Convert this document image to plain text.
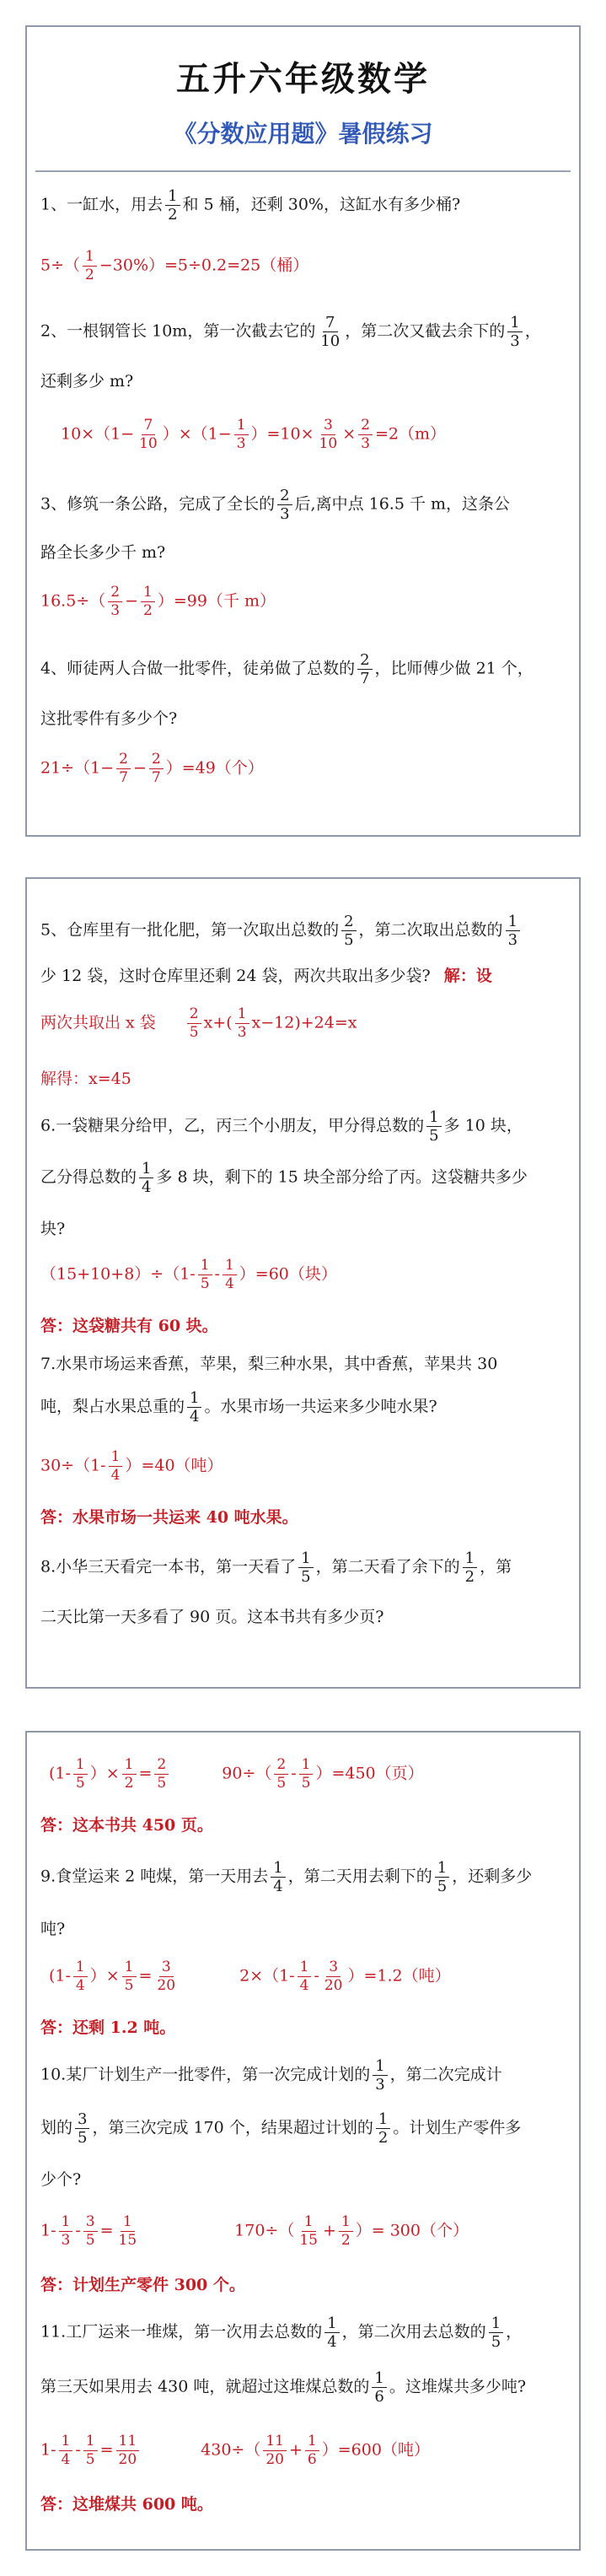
五升六年级数学
《分数应用题》暑假练习
1、一缸水，用去 $\frac{1}{2}$ 和 5 桶，还剩 30%，这缸水有多少桶?
$5\div( \frac{1}{2} -30\%)=5\div 0.2=25$（桶）
2、一根钢管长 10m，第一次截去它的 $\frac{7}{10}$ ，第二次又截去余下的 $\frac{1}{3}$ ，
还剩多少 m?
$10\times(1- \frac{7}{10} )\times(1- \frac{1}{3} )=10\times \frac{3}{10} \times \frac{2}{3} =2(m)$
3、修筑一条公路，完成了全长的 $\frac{2}{3}$ 后,离中点 16.5 千 m，这条公
路全长多少千 m?
$16.5\div( \frac{2}{3} - \frac{1}{2} )=99$（千 m）
4、师徒两人合做一批零件，徒弟做了总数的 $\frac{2}{7}$ ，比师傅少做 21 个，
这批零件有多少个?
$21\div(1- \frac{2}{7} - \frac{2}{7} )=49$（个）
5、仓库里有一批化肥，第一次取出总数的 $\frac{2}{5}$ ，第二次取出总数的 $\frac{1}{3}$
少 12 袋，这时仓库里还剩 24 袋，两次共取出多少袋? 解：设
两次共取出 x 袋 $\frac{2}{5} x+( \frac{1}{3} x-12)+24=x$
解得：x=45
6.一袋糖果分给甲，乙，丙三个小朋友，甲分得总数的 $\frac{1}{5}$ 多 10 块，
乙分得总数的 $\frac{1}{4}$ 多 8 块，剩下的 15 块全部分给了丙。这袋糖共多少
块?
$(15+10+8)\div(1- \frac{1}{5} - \frac{1}{4} )=60$（块）
答：这袋糖共有 60 块。
7.水果市场运来香蕉，苹果，梨三种水果，其中香蕉，苹果共 30
吨，梨占水果总重的 $\frac{1}{4}$ 。水果市场一共运来多少吨水果?
$30\div(1- \frac{1}{4} )=40$（吨）
答：水果市场一共运来 40 吨水果。
8.小华三天看完一本书，第一天看了 $\frac{1}{5}$ ，第二天看了余下的 $\frac{1}{2}$ ，第
二天比第一天多看了 90 页。这本书共有多少页?
($1- \frac{1}{5}$ ）× $\frac{1}{2} = \frac{2}{5}$	$90\div( \frac{2}{5} - \frac{1}{5} )=450$（页）
答：这本书共 450 页。
9.食堂运来 2 吨煤，第一天用去 $\frac{1}{4}$ ，第二天用去剩下的 $\frac{1}{5}$ ，还剩多少
吨?
($1- \frac{1}{4}$ ）× $\frac{1}{5} = \frac{3}{20}$	$2\times(1- \frac{1}{4} - \frac{3}{20} )=1.2$（吨）
答：还剩 1.2 吨。
10.某厂计划生产一批零件，第一次完成计划的 $\frac{1}{3}$ ，第二次完成计
划的 $\frac{3}{5}$ ，第三次完成 170 个，结果超过计划的 $\frac{1}{2}$ 。计划生产零件多
少个?
$1- \frac{1}{3} - \frac{3}{5} = \frac{1}{15}$	$170\div( \frac{1}{15} + \frac{1}{2}$ ）= 300（个）
答：计划生产零件 300 个。
11.工厂运来一堆煤，第一次用去总数的 $\frac{1}{4}$ ，第二次用去总数的 $\frac{1}{5}$ ，
第三天如果用去 430 吨，就超过这堆煤总数的 $\frac{1}{6}$ 。这堆煤共多少吨?
$1- \frac{1}{4} - \frac{1}{5} = \frac{11}{20}$	$430\div( \frac{11}{20} + \frac{1}{6} )=600$（吨）
答：这堆煤共 600 吨。
